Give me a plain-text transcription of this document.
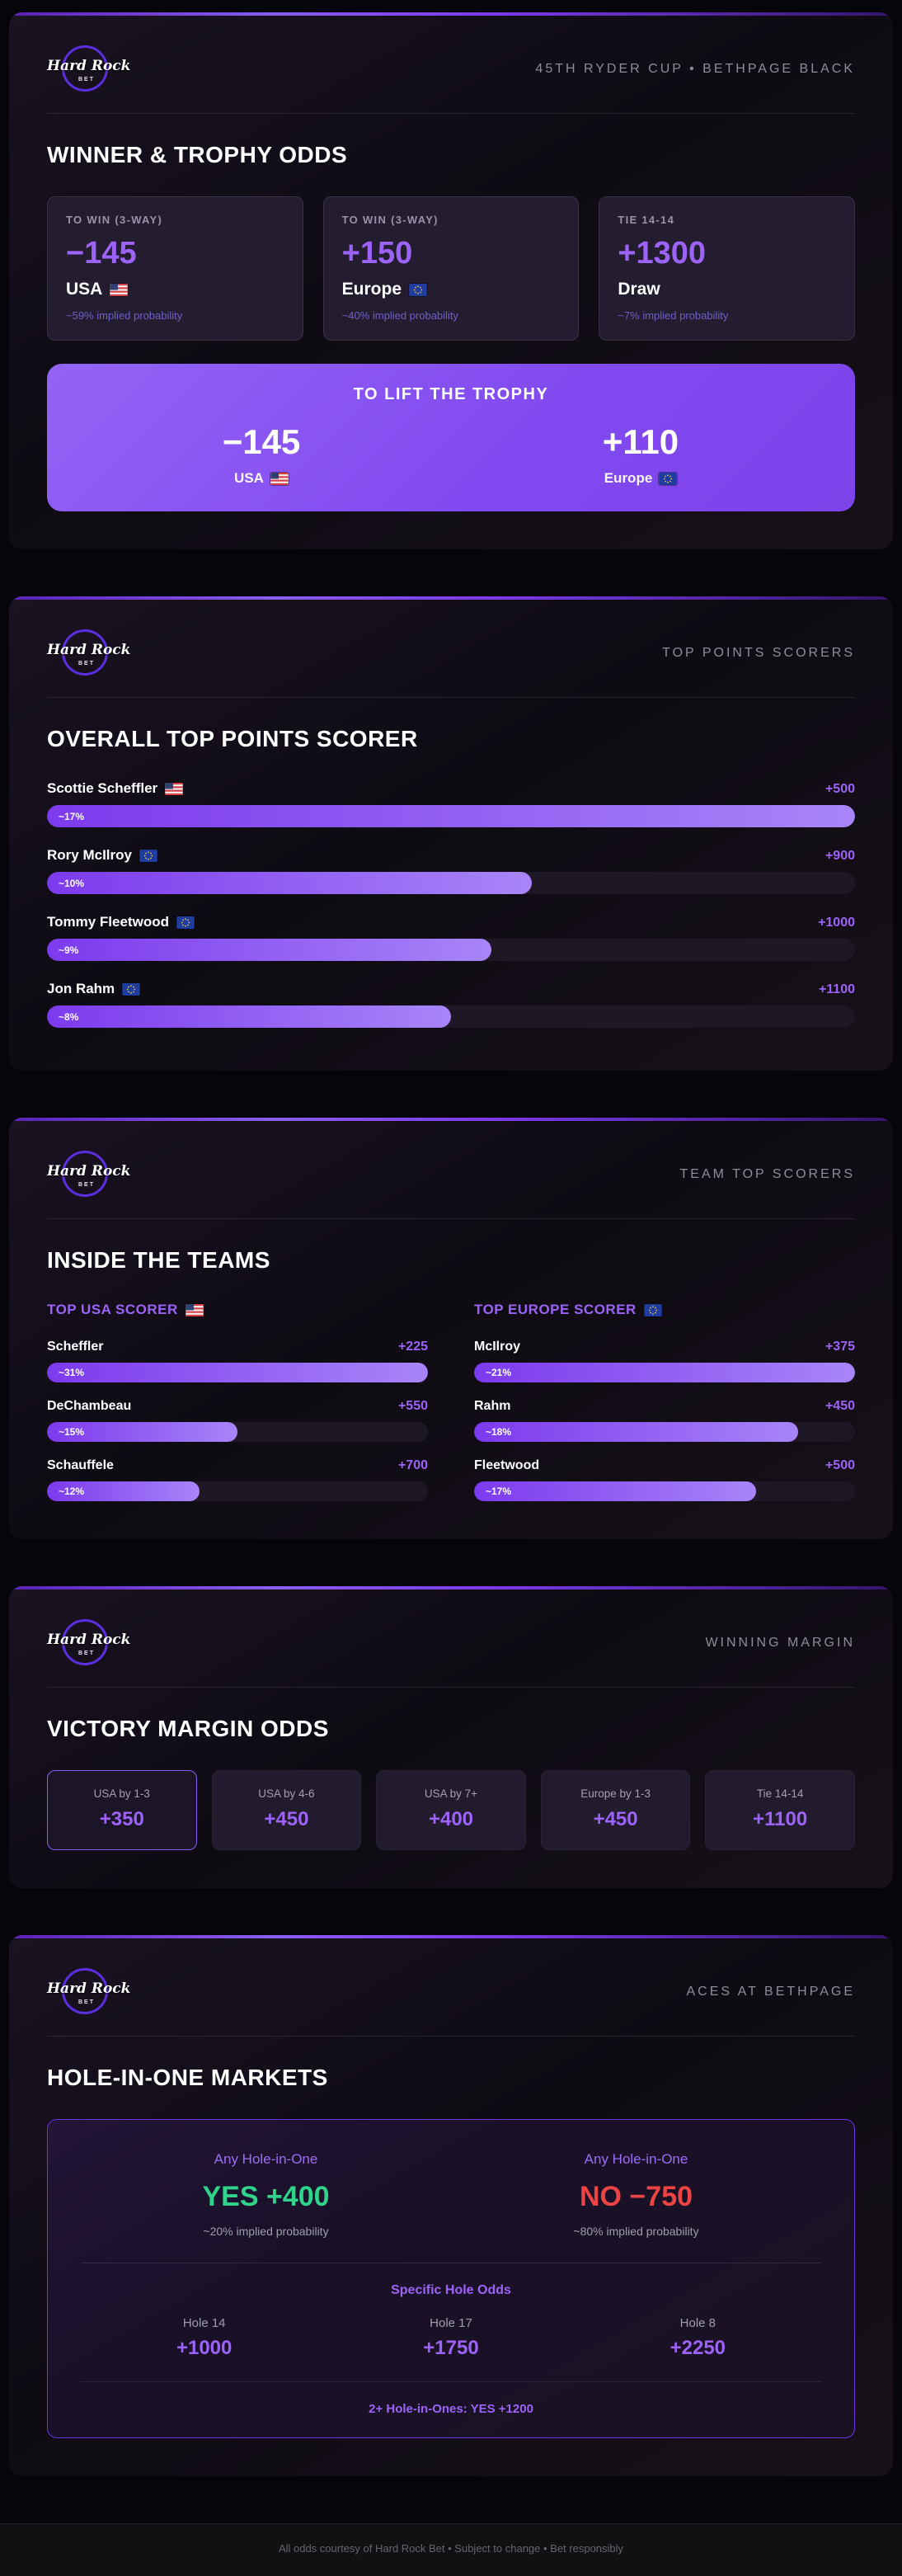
Hard Rock
BET
45TH RYDER CUP • BETHPAGE BLACK
WINNER & TROPHY ODDS
TO WIN (3-WAY)
−145
USA
~59% implied probability
TO WIN (3-WAY)
+150
Europe
~40% implied probability
TIE 14-14
+1300
Draw
~7% implied probability
TO LIFT THE TROPHY
−145
USA
+110
Europe
Hard Rock
BET
TOP POINTS SCORERS
OVERALL TOP POINTS SCORER
Scottie Scheffler	+500
~17%
Rory McIlroy	+900
~10%
Tommy Fleetwood	+1000
~9%
Jon Rahm	+1100
~8%
Hard Rock
BET
TEAM TOP SCORERS
INSIDE THE TEAMS
TOP USA SCORER
Scheffler	+225
~31%
DeChambeau	+550
~15%
Schauffele	+700
~12%
TOP EUROPE SCORER
McIlroy	+375
~21%
Rahm	+450
~18%
Fleetwood	+500
~17%
Hard Rock
BET
WINNING MARGIN
VICTORY MARGIN ODDS
USA by 1-3
+350
USA by 4-6
+450
USA by 7+
+400
Europe by 1-3
+450
Tie 14-14
+1100
Hard Rock
BET
ACES AT BETHPAGE
HOLE-IN-ONE MARKETS
Any Hole-in-One
YES +400
~20% implied probability
Any Hole-in-One
NO −750
~80% implied probability
Specific Hole Odds
Hole 14
+1000
Hole 17
+1750
Hole 8
+2250
2+ Hole-in-Ones: YES +1200
All odds courtesy of Hard Rock Bet • Subject to change • Bet responsibly
